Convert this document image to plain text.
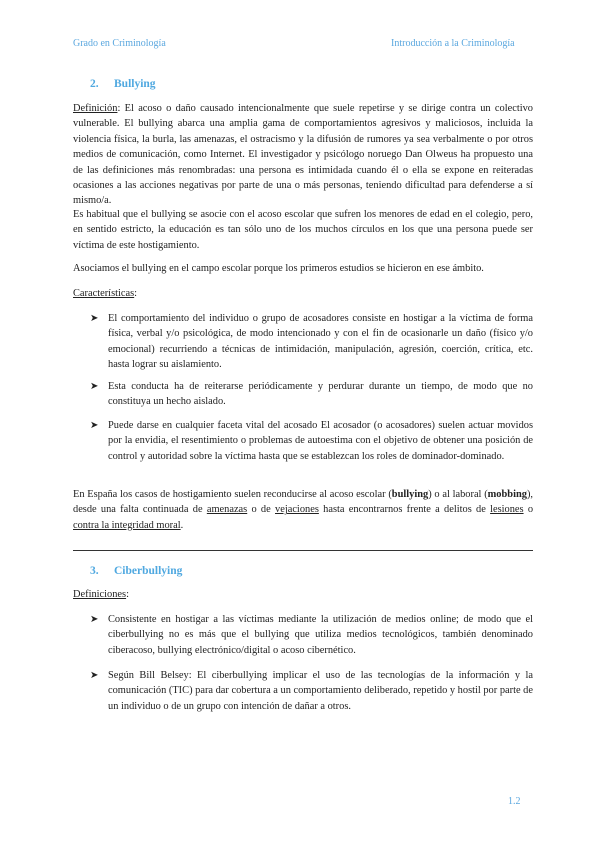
Grado en Criminología	Introducción a la Criminología
2. Bullying
Definición: El acoso o daño causado intencionalmente que suele repetirse y se dirige contra un colectivo vulnerable. El bullying abarca una amplia gama de comportamientos agresivos y maliciosos, incluida la violencia física, la burla, las amenazas, el ostracismo y la difusión de rumores ya sea verbalmente o por otros medios de comunicación, como Internet. El investigador y psicólogo noruego Dan Olweus ha propuesto una de las definiciones más renombradas: una persona es intimidada cuando él o ella se expone en reiteradas ocasiones a las acciones negativas por parte de una o más personas, teniendo dificultad para defenderse a sí mismo/a.
Es habitual que el bullying se asocie con el acoso escolar que sufren los menores de edad en el colegio, pero, en sentido estricto, la educación es tan sólo uno de los muchos círculos en los que una persona puede ser víctima de este hostigamiento.
Asociamos el bullying en el campo escolar porque los primeros estudios se hicieron en ese ámbito.
Características:
➤ El comportamiento del individuo o grupo de acosadores consiste en hostigar a la víctima de forma física, verbal y/o psicológica, de modo intencionado y con el fin de ocasionarle un daño (físico y/o emocional) recurriendo a técnicas de intimidación, manipulación, agresión, coerción, crítica, etc. hasta lograr su aislamiento.
➤ Esta conducta ha de reiterarse periódicamente y perdurar durante un tiempo, de modo que no constituya un hecho aislado.
➤ Puede darse en cualquier faceta vital del acosado El acosador (o acosadores) suelen actuar movidos por la envidia, el resentimiento o problemas de autoestima con el objetivo de obtener una posición de control y autoridad sobre la víctima hasta que se establezcan los roles de dominador-dominado.
En España los casos de hostigamiento suelen reconducirse al acoso escolar (bullying) o al laboral (mobbing), desde una falta continuada de amenazas o de vejaciones hasta encontrarnos frente a delitos de lesiones o contra la integridad moral.
3. Ciberbullying
Definiciones:
➤ Consistente en hostigar a las víctimas mediante la utilización de medios online; de modo que el ciberbullying no es más que el bullying que utiliza medios tecnológicos, también denominado ciberacoso, bullying electrónico/digital o acoso cibernético.
➤ Según Bill Belsey: El ciberbullying implicar el uso de las tecnologías de la información y la comunicación (TIC) para dar cobertura a un comportamiento deliberado, repetido y hostil por parte de un individuo o de un grupo con intención de dañar a otros.
1.2
